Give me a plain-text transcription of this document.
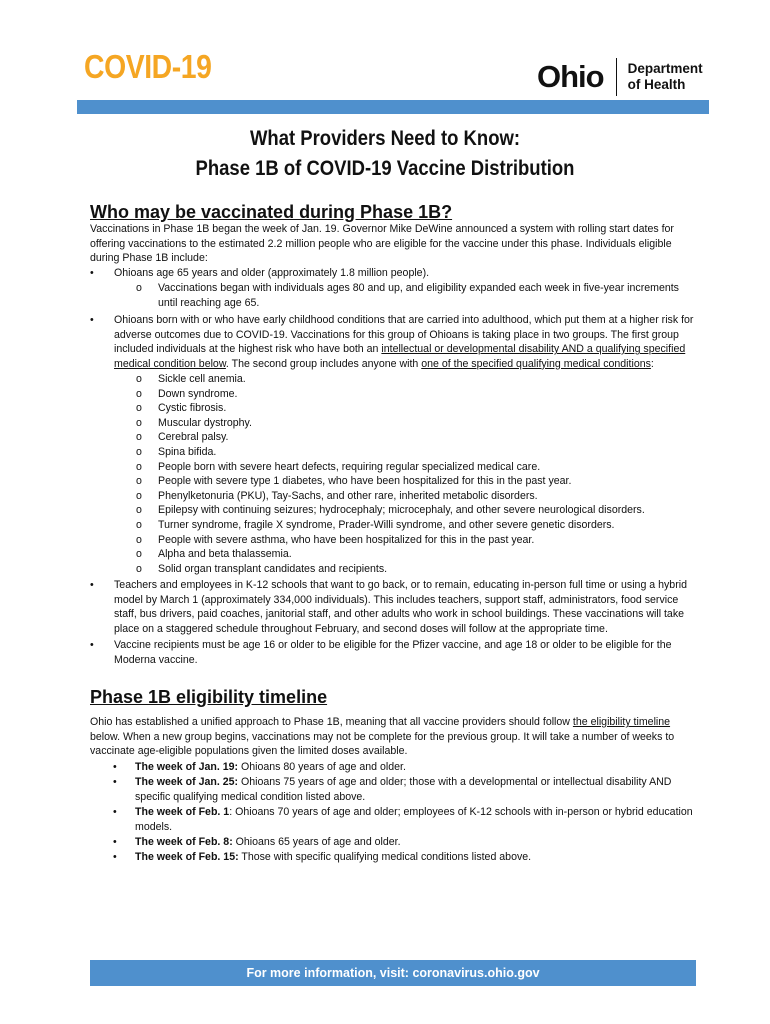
COVID-19	Ohio Department
of Health
What Providers Need to Know:
Phase 1B of COVID-19 Vaccine Distribution
Who may be vaccinated during Phase 1B?
Vaccinations in Phase 1B began the week of Jan. 19. Governor Mike DeWine announced a system with rolling start dates for
offering vaccinations to the estimated 2.2 million people who are eligible for the vaccine under this phase. Individuals eligible
during Phase 1B include:
• Ohioans age 65 years and older (approximately 1.8 million people).
o Vaccinations began with individuals ages 80 and up, and eligibility expanded each week in five-year increments
until reaching age 65.
• Ohioans born with or who have early childhood conditions that are carried into adulthood, which put them at a higher risk for
adverse outcomes due to COVID-19. Vaccinations for this group of Ohioans is taking place in two groups. The first group
included individuals at the highest risk who have both an intellectual or developmental disability AND a qualifying specified
medical condition below. The second group includes anyone with one of the specified qualifying medical conditions:
o Sickle cell anemia.
o Down syndrome.
o Cystic fibrosis.
o Muscular dystrophy.
o Cerebral palsy.
o Spina bifida.
o People born with severe heart defects, requiring regular specialized medical care.
o People with severe type 1 diabetes, who have been hospitalized for this in the past year.
o Phenylketonuria (PKU), Tay-Sachs, and other rare, inherited metabolic disorders.
o Epilepsy with continuing seizures; hydrocephaly; microcephaly, and other severe neurological disorders.
o Turner syndrome, fragile X syndrome, Prader-Willi syndrome, and other severe genetic disorders.
o People with severe asthma, who have been hospitalized for this in the past year.
o Alpha and beta thalassemia.
o Solid organ transplant candidates and recipients.
• Teachers and employees in K-12 schools that want to go back, or to remain, educating in-person full time or using a hybrid
model by March 1 (approximately 334,000 individuals). This includes teachers, support staff, administrators, food service
staff, bus drivers, paid coaches, janitorial staff, and other adults who work in school buildings. These vaccinations will take
place on a staggered schedule throughout February, and second doses will follow at the appropriate time.
• Vaccine recipients must be age 16 or older to be eligible for the Pfizer vaccine, and age 18 or older to be eligible for the
Moderna vaccine.
Phase 1B eligibility timeline
Ohio has established a unified approach to Phase 1B, meaning that all vaccine providers should follow the eligibility timeline
below. When a new group begins, vaccinations may not be complete for the previous group. It will take a number of weeks to
vaccinate age-eligible populations given the limited doses available.
• The week of Jan. 19: Ohioans 80 years of age and older.
• The week of Jan. 25: Ohioans 75 years of age and older; those with a developmental or intellectual disability AND
specific qualifying medical condition listed above.
• The week of Feb. 1: Ohioans 70 years of age and older; employees of K-12 schools with in-person or hybrid education
models.
• The week of Feb. 8: Ohioans 65 years of age and older.
• The week of Feb. 15: Those with specific qualifying medical conditions listed above.
For more information, visit: coronavirus.ohio.gov
